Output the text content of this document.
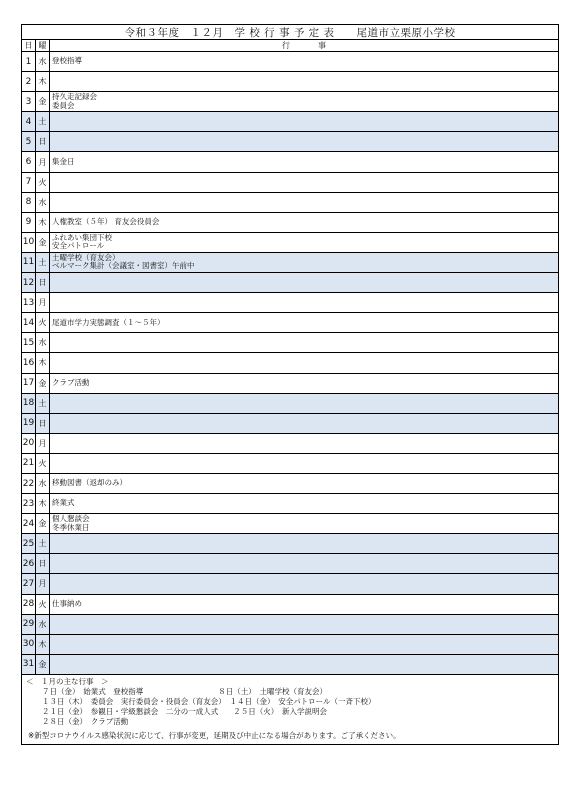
令和３年度　１２月　学 校 行 事 予 定 表　　尾道市立栗原小学校
日 曜	行事
1 水 登校指導
2 木
3 金
持久走記録会
委員会
4 土
5 日
6 月 集金日
7 火
8 水
9 木 人権教室（５年） 育友会役員会
10 金
ふれあい集団下校
安全パトロール
11 土
土曜学校（育友会）
ベルマーク集計（会議室・図書室）午前中
12 日
13 月
14 火 尾道市学力実態調査（１～５年）
15 水
16 木
17 金 クラブ活動
18 土
19 日
20 月
21 火
22 水 移動図書（返却のみ）
23 木 終業式
24 金
個人懇談会
冬季休業日
25 土
26 日
27 月
28 火 仕事納め
29 水
30 木
31 金
＜　１月の主な行事　＞
７日（金）　始業式　登校指導　　　　　　　　　　８日（土）　土曜学校（育友会）
１３日（木）　委員会　実行委員会・役員会（育友会）　１４日（金）　安全パトロール（一斉下校）
２１日（金）　参観日・学級懇談会　二分の一成人式　　２５日（火）　新入学説明会
２８日（金）　クラブ活動
※新型コロナウイルス感染状況に応じて、行事が変更，延期及び中止になる場合があります。ご了承ください。
